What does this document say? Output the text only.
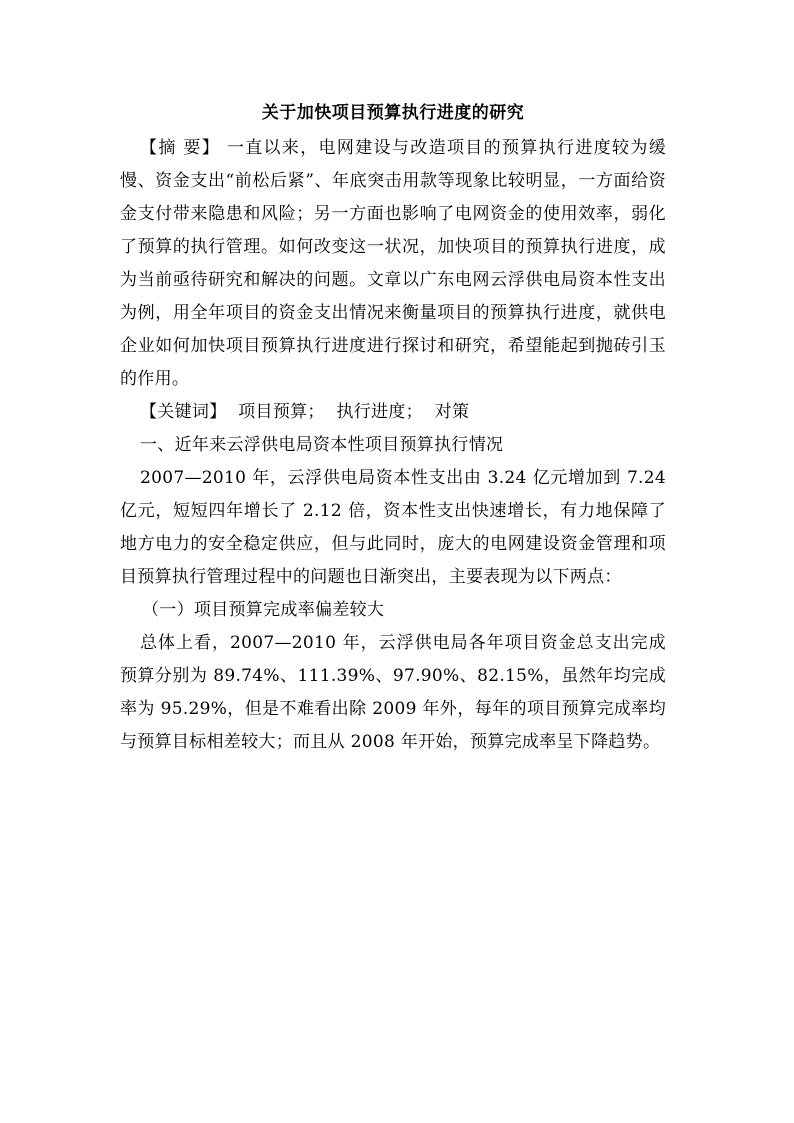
关于加快项目预算执行进度的研究

【摘 要】 一直以来，电网建设与改造项目的预算执行进度较为缓慢、资金支出“前松后紧”、年底突击用款等现象比较明显，一方面给资金支付带来隐患和风险；另一方面也影响了电网资金的使用效率，弱化了预算的执行管理。如何改变这一状况，加快项目的预算执行进度，成为当前亟待研究和解决的问题。文章以广东电网云浮供电局资本性支出为例，用全年项目的资金支出情况来衡量项目的预算执行进度，就供电企业如何加快项目预算执行进度进行探讨和研究，希望能起到抛砖引玉的作用。

【关键词】 项目预算； 执行进度； 对策

一、近年来云浮供电局资本性项目预算执行情况

2007—2010 年，云浮供电局资本性支出由 3.24 亿元增加到 7.24 亿元，短短四年增长了 2.12 倍，资本性支出快速增长，有力地保障了地方电力的安全稳定供应，但与此同时，庞大的电网建设资金管理和项目预算执行管理过程中的问题也日渐突出，主要表现为以下两点：

（一）项目预算完成率偏差较大

总体上看，2007—2010 年，云浮供电局各年项目资金总支出完成预算分别为 89.74%、111.39%、97.90%、82.15%，虽然年均完成率为 95.29%，但是不难看出除 2009 年外，每年的项目预算完成率均与预算目标相差较大；而且从 2008 年开始，预算完成率呈下降趋势。
